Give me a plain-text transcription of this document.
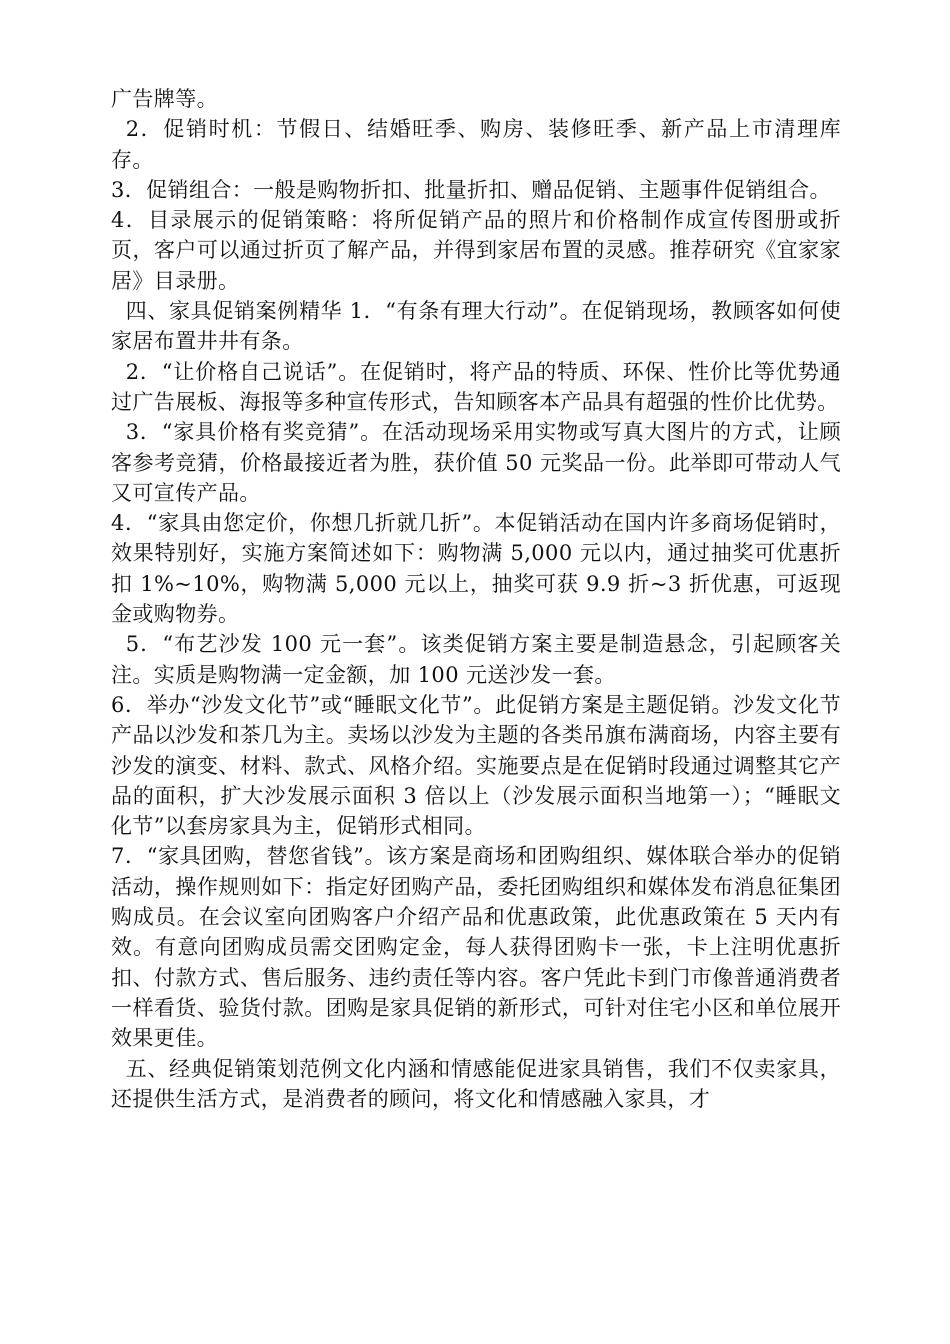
广告牌等。

2．促销时机：节假日、结婚旺季、购房、装修旺季、新产品上市清理库存。

3．促销组合：一般是购物折扣、批量折扣、赠品促销、主题事件促销组合。

4．目录展示的促销策略：将所促销产品的照片和价格制作成宣传图册或折页，客户可以通过折页了解产品，并得到家居布置的灵感。推荐研究《宜家家居》目录册。

四、家具促销案例精华 1．“有条有理大行动”。在促销现场，教顾客如何使家居布置井井有条。

2．“让价格自己说话”。在促销时，将产品的特质、环保、性价比等优势通过广告展板、海报等多种宣传形式，告知顾客本产品具有超强的性价比优势。

3．“家具价格有奖竞猜”。在活动现场采用实物或写真大图片的方式，让顾客参考竞猜，价格最接近者为胜，获价值 50 元奖品一份。此举即可带动人气又可宣传产品。

4．“家具由您定价，你想几折就几折”。本促销活动在国内许多商场促销时，效果特别好，实施方案简述如下：购物满 5,000 元以内，通过抽奖可优惠折扣 1%~10%，购物满 5,000 元以上，抽奖可获 9.9 折~3 折优惠，可返现金或购物券。

5．“布艺沙发 100 元一套”。该类促销方案主要是制造悬念，引起顾客关注。实质是购物满一定金额，加 100 元送沙发一套。

6．举办“沙发文化节”或“睡眠文化节”。此促销方案是主题促销。沙发文化节产品以沙发和茶几为主。卖场以沙发为主题的各类吊旗布满商场，内容主要有沙发的演变、材料、款式、风格介绍。实施要点是在促销时段通过调整其它产品的面积，扩大沙发展示面积 3 倍以上（沙发展示面积当地第一）；“睡眠文化节”以套房家具为主，促销形式相同。

7．“家具团购，替您省钱”。该方案是商场和团购组织、媒体联合举办的促销活动，操作规则如下：指定好团购产品，委托团购组织和媒体发布消息征集团购成员。在会议室向团购客户介绍产品和优惠政策，此优惠政策在 5 天内有效。有意向团购成员需交团购定金，每人获得团购卡一张，卡上注明优惠折扣、付款方式、售后服务、违约责任等内容。客户凭此卡到门市像普通消费者一样看货、验货付款。团购是家具促销的新形式，可针对住宅小区和单位展开效果更佳。

五、经典促销策划范例文化内涵和情感能促进家具销售，我们不仅卖家具，还提供生活方式，是消费者的顾问，将文化和情感融入家具，才
